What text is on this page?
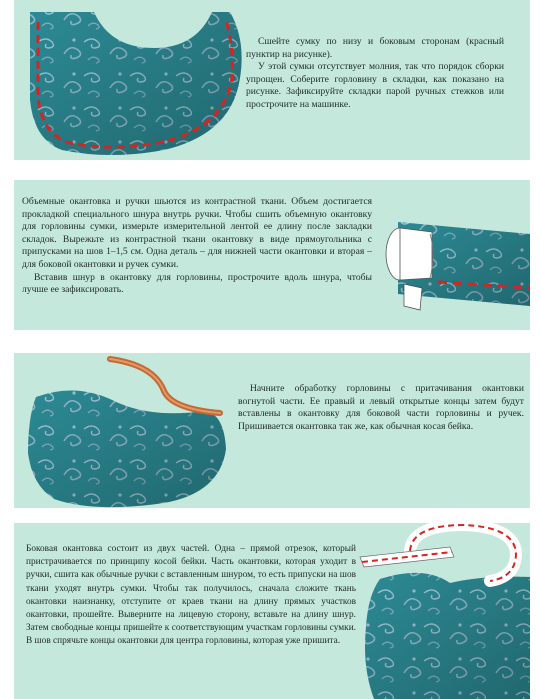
Сшейте сумку по низу и боковым сторонам (красный пунктир на рисунке).

У этой сумки отсутствует молния, так что порядок сборки упрощен. Соберите горловину в складки, как показано на рисунке. Зафиксируйте складки парой ручных стежков или прострочите на машинке.

Объемные окантовка и ручки шьются из контрастной ткани. Объем достигается прокладкой специального шнура внутрь ручки. Чтобы сшить объемную окантовку для горловины сумки, измерьте измерительной лентой ее длину после закладки складок. Вырежьте из контрастной ткани окантовку в виде прямоугольника с припусками на шов 1–1,5 см. Одна деталь – для нижней части окантовки и вторая – для боковой окантовки и ручек сумки.

Вставив шнур в окантовку для горловины, прострочите вдоль шнура, чтобы лучше ее зафиксировать.

Начните обработку горловины с притачивания окантовки вогнутой части. Ее правый и левый открытые концы затем будут вставлены в окантовку для боковой части горловины и ручек. Пришивается окантовка так же, как обычная косая бейка.

Боковая окантовка состоит из двух частей. Одна – прямой отрезок, который пристрачивается по принципу косой бейки. Часть окантовки, которая уходит в ручки, сшита как обычные ручки с вставленным шнуром, то есть припуски на шов ткани уходят внутрь сумки. Чтобы так получилось, сначала сложите ткань окантовки наизнанку, отступите от краев ткани на длину прямых участков окантовки, прошейте. Выверните на лицевую сторону, вставьте на длину шнур. Затем свободные концы пришейте к соответствующим участкам горловины сумки. В шов спрячьте концы окантовки для центра горловины, которая уже пришита.
